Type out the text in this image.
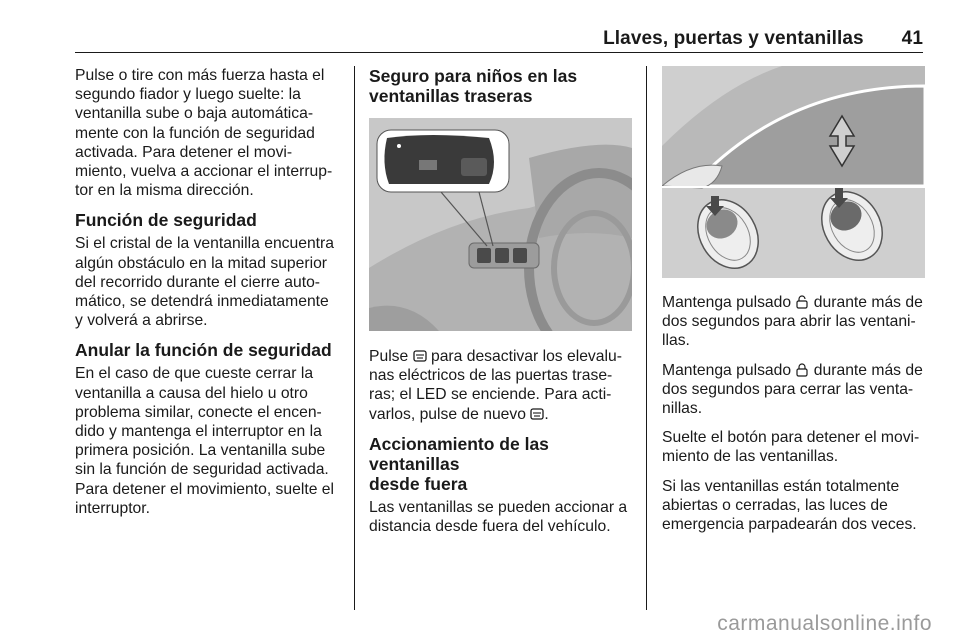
Llaves, puertas y ventanillas 41

Pulse o tire con más fuerza hasta el
segundo fiador y luego suelte: la
ventanilla sube o baja automática-
mente con la función de seguridad
activada. Para detener el movi-
miento, vuelva a accionar el interrup-
tor en la misma dirección.

Función de seguridad

Si el cristal de la ventanilla encuentra
algún obstáculo en la mitad superior
del recorrido durante el cierre auto-
mático, se detendrá inmediatamente
y volverá a abrirse.

Anular la función de seguridad

En el caso de que cueste cerrar la
ventanilla a causa del hielo u otro
problema similar, conecte el encen-
dido y mantenga el interruptor en la
primera posición. La ventanilla sube
sin la función de seguridad activada.
Para detener el movimiento, suelte el
interruptor.

Seguro para niños en las
ventanillas traseras

Pulse  para desactivar los elevalu-
nas eléctricos de las puertas trase-
ras; el LED se enciende. Para acti-
varlos, pulse de nuevo .

Accionamiento de las ventanillas
desde fuera

Las ventanillas se pueden accionar a
distancia desde fuera del vehículo.

Mantenga pulsado  durante más de
dos segundos para abrir las ventani-
llas.

Mantenga pulsado  durante más de
dos segundos para cerrar las venta-
nillas.

Suelte el botón para detener el movi-
miento de las ventanillas.

Si las ventanillas están totalmente
abiertas o cerradas, las luces de
emergencia parpadearán dos veces.

carmanualsonline.info
